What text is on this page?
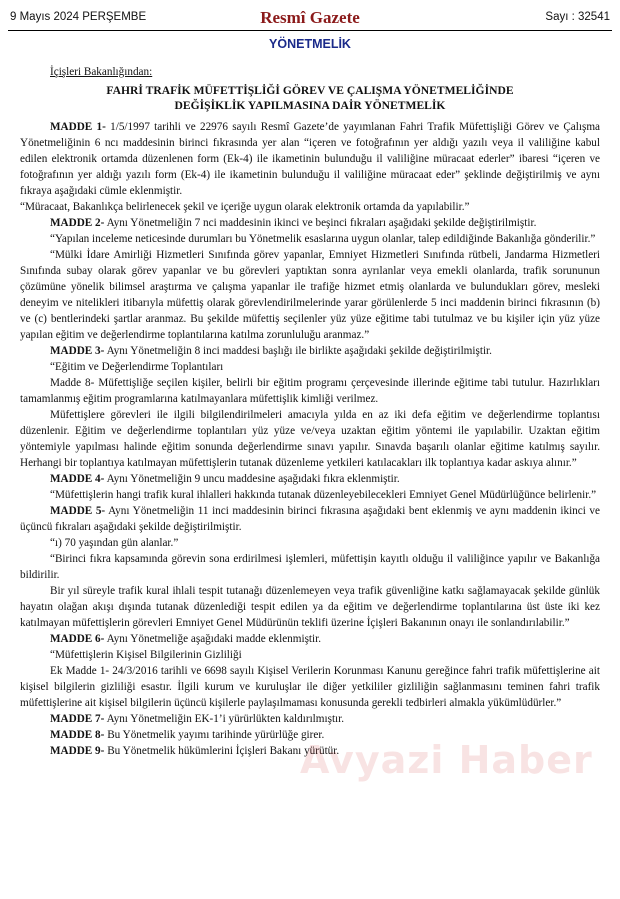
9 Mayıs 2024 PERŞEMBE	Resmî Gazete	Sayı : 32541
YÖNETMELİK

İçişleri Bakanlığından:

FAHRİ TRAFİK MÜFETTİŞLİĞİ GÖREV VE ÇALIŞMA YÖNETMELİĞİNDE
DEĞİŞİKLİK YAPILMASINA DAİR YÖNETMELİK

MADDE 1- 1/5/1997 tarihli ve 22976 sayılı Resmî Gazete’de yayımlanan Fahri Trafik Müfettişliği Görev ve Çalışma Yönetmeliğinin 6 ncı maddesinin birinci fıkrasında yer alan “içeren ve fotoğrafının yer aldığı yazılı veya il valiliğine kabul edilen elektronik ortamda düzenlenen form (Ek-4) ile ikametinin bulunduğu il valiliğine müracaat ederler” ibaresi “içeren ve fotoğrafının yer aldığı yazılı form (Ek-4) ile ikametinin bulunduğu il valiliğine müracaat eder” şeklinde değiştirilmiş ve aynı fıkraya aşağıdaki cümle eklenmiştir.

“Müracaat, Bakanlıkça belirlenecek şekil ve içeriğe uygun olarak elektronik ortamda da yapılabilir.”

MADDE 2- Aynı Yönetmeliğin 7 nci maddesinin ikinci ve beşinci fıkraları aşağıdaki şekilde değiştirilmiştir.

“Yapılan inceleme neticesinde durumları bu Yönetmelik esaslarına uygun olanlar, talep edildiğinde Bakanlığa gönderilir.”

“Mülki İdare Amirliği Hizmetleri Sınıfında görev yapanlar, Emniyet Hizmetleri Sınıfında rütbeli, Jandarma Hizmetleri Sınıfında subay olarak görev yapanlar ve bu görevleri yaptıktan sonra ayrılanlar veya emekli olanlarda, trafik sorununun çözümüne yönelik bilimsel araştırma ve çalışma yapanlar ile trafiğe hizmet etmiş olanlarda ve bulundukları görev, mesleki deneyim ve nitelikleri itibarıyla müfettiş olarak görevlendirilmelerinde yarar görülenlerde 5 inci maddenin birinci fıkrasının (b) ve (c) bentlerindeki şartlar aranmaz. Bu şekilde müfettiş seçilenler yüz yüze eğitime tabi tutulmaz ve bu kişiler için yüz yüze yapılan eğitim ve değerlendirme toplantılarına katılma zorunluluğu aranmaz.”

MADDE 3- Aynı Yönetmeliğin 8 inci maddesi başlığı ile birlikte aşağıdaki şekilde değiştirilmiştir.

“Eğitim ve Değerlendirme Toplantıları

Madde 8- Müfettişliğe seçilen kişiler, belirli bir eğitim programı çerçevesinde illerinde eğitime tabi tutulur. Hazırlıkları tamamlanmış eğitim programlarına katılmayanlara müfettişlik kimliği verilmez.

Müfettişlere görevleri ile ilgili bilgilendirilmeleri amacıyla yılda en az iki defa eğitim ve değerlendirme toplantısı düzenlenir. Eğitim ve değerlendirme toplantıları yüz yüze ve/veya uzaktan eğitim yöntemi ile yapılabilir. Uzaktan eğitim yöntemiyle yapılması halinde eğitim sonunda değerlendirme sınavı yapılır. Sınavda başarılı olanlar eğitime katılmış sayılır. Herhangi bir toplantıya katılmayan müfettişlerin tutanak düzenleme yetkileri katılacakları ilk toplantıya kadar askıya alınır.”

MADDE 4- Aynı Yönetmeliğin 9 uncu maddesine aşağıdaki fıkra eklenmiştir.

“Müfettişlerin hangi trafik kural ihlalleri hakkında tutanak düzenleyebilecekleri Emniyet Genel Müdürlüğünce belirlenir.”

MADDE 5- Aynı Yönetmeliğin 11 inci maddesinin birinci fıkrasına aşağıdaki bent eklenmiş ve aynı maddenin ikinci ve üçüncü fıkraları aşağıdaki şekilde değiştirilmiştir.

“ı) 70 yaşından gün alanlar.”

“Birinci fıkra kapsamında görevin sona erdirilmesi işlemleri, müfettişin kayıtlı olduğu il valiliğince yapılır ve Bakanlığa bildirilir.

Bir yıl süreyle trafik kural ihlali tespit tutanağı düzenlemeyen veya trafik güvenliğine katkı sağlamayacak şekilde günlük hayatın olağan akışı dışında tutanak düzenlediği tespit edilen ya da eğitim ve değerlendirme toplantılarına üst üste iki kez katılmayan müfettişlerin görevleri Emniyet Genel Müdürünün teklifi üzerine İçişleri Bakanının onayı ile sonlandırılabilir.”

MADDE 6- Aynı Yönetmeliğe aşağıdaki madde eklenmiştir.

“Müfettişlerin Kişisel Bilgilerinin Gizliliği

Ek Madde 1- 24/3/2016 tarihli ve 6698 sayılı Kişisel Verilerin Korunması Kanunu gereğince fahri trafik müfettişlerine ait kişisel bilgilerin gizliliği esastır. İlgili kurum ve kuruluşlar ile diğer yetkililer gizliliğin sağlanmasını teminen fahri trafik müfettişlerine ait kişisel bilgilerin üçüncü kişilerle paylaşılmaması konusunda gerekli tedbirleri almakla yükümlüdürler.”

MADDE 7- Aynı Yönetmeliğin EK-1’i yürürlükten kaldırılmıştır.

MADDE 8- Bu Yönetmelik yayımı tarihinde yürürlüğe girer.

MADDE 9- Bu Yönetmelik hükümlerini İçişleri Bakanı yürütür.

Avyazi Haber
